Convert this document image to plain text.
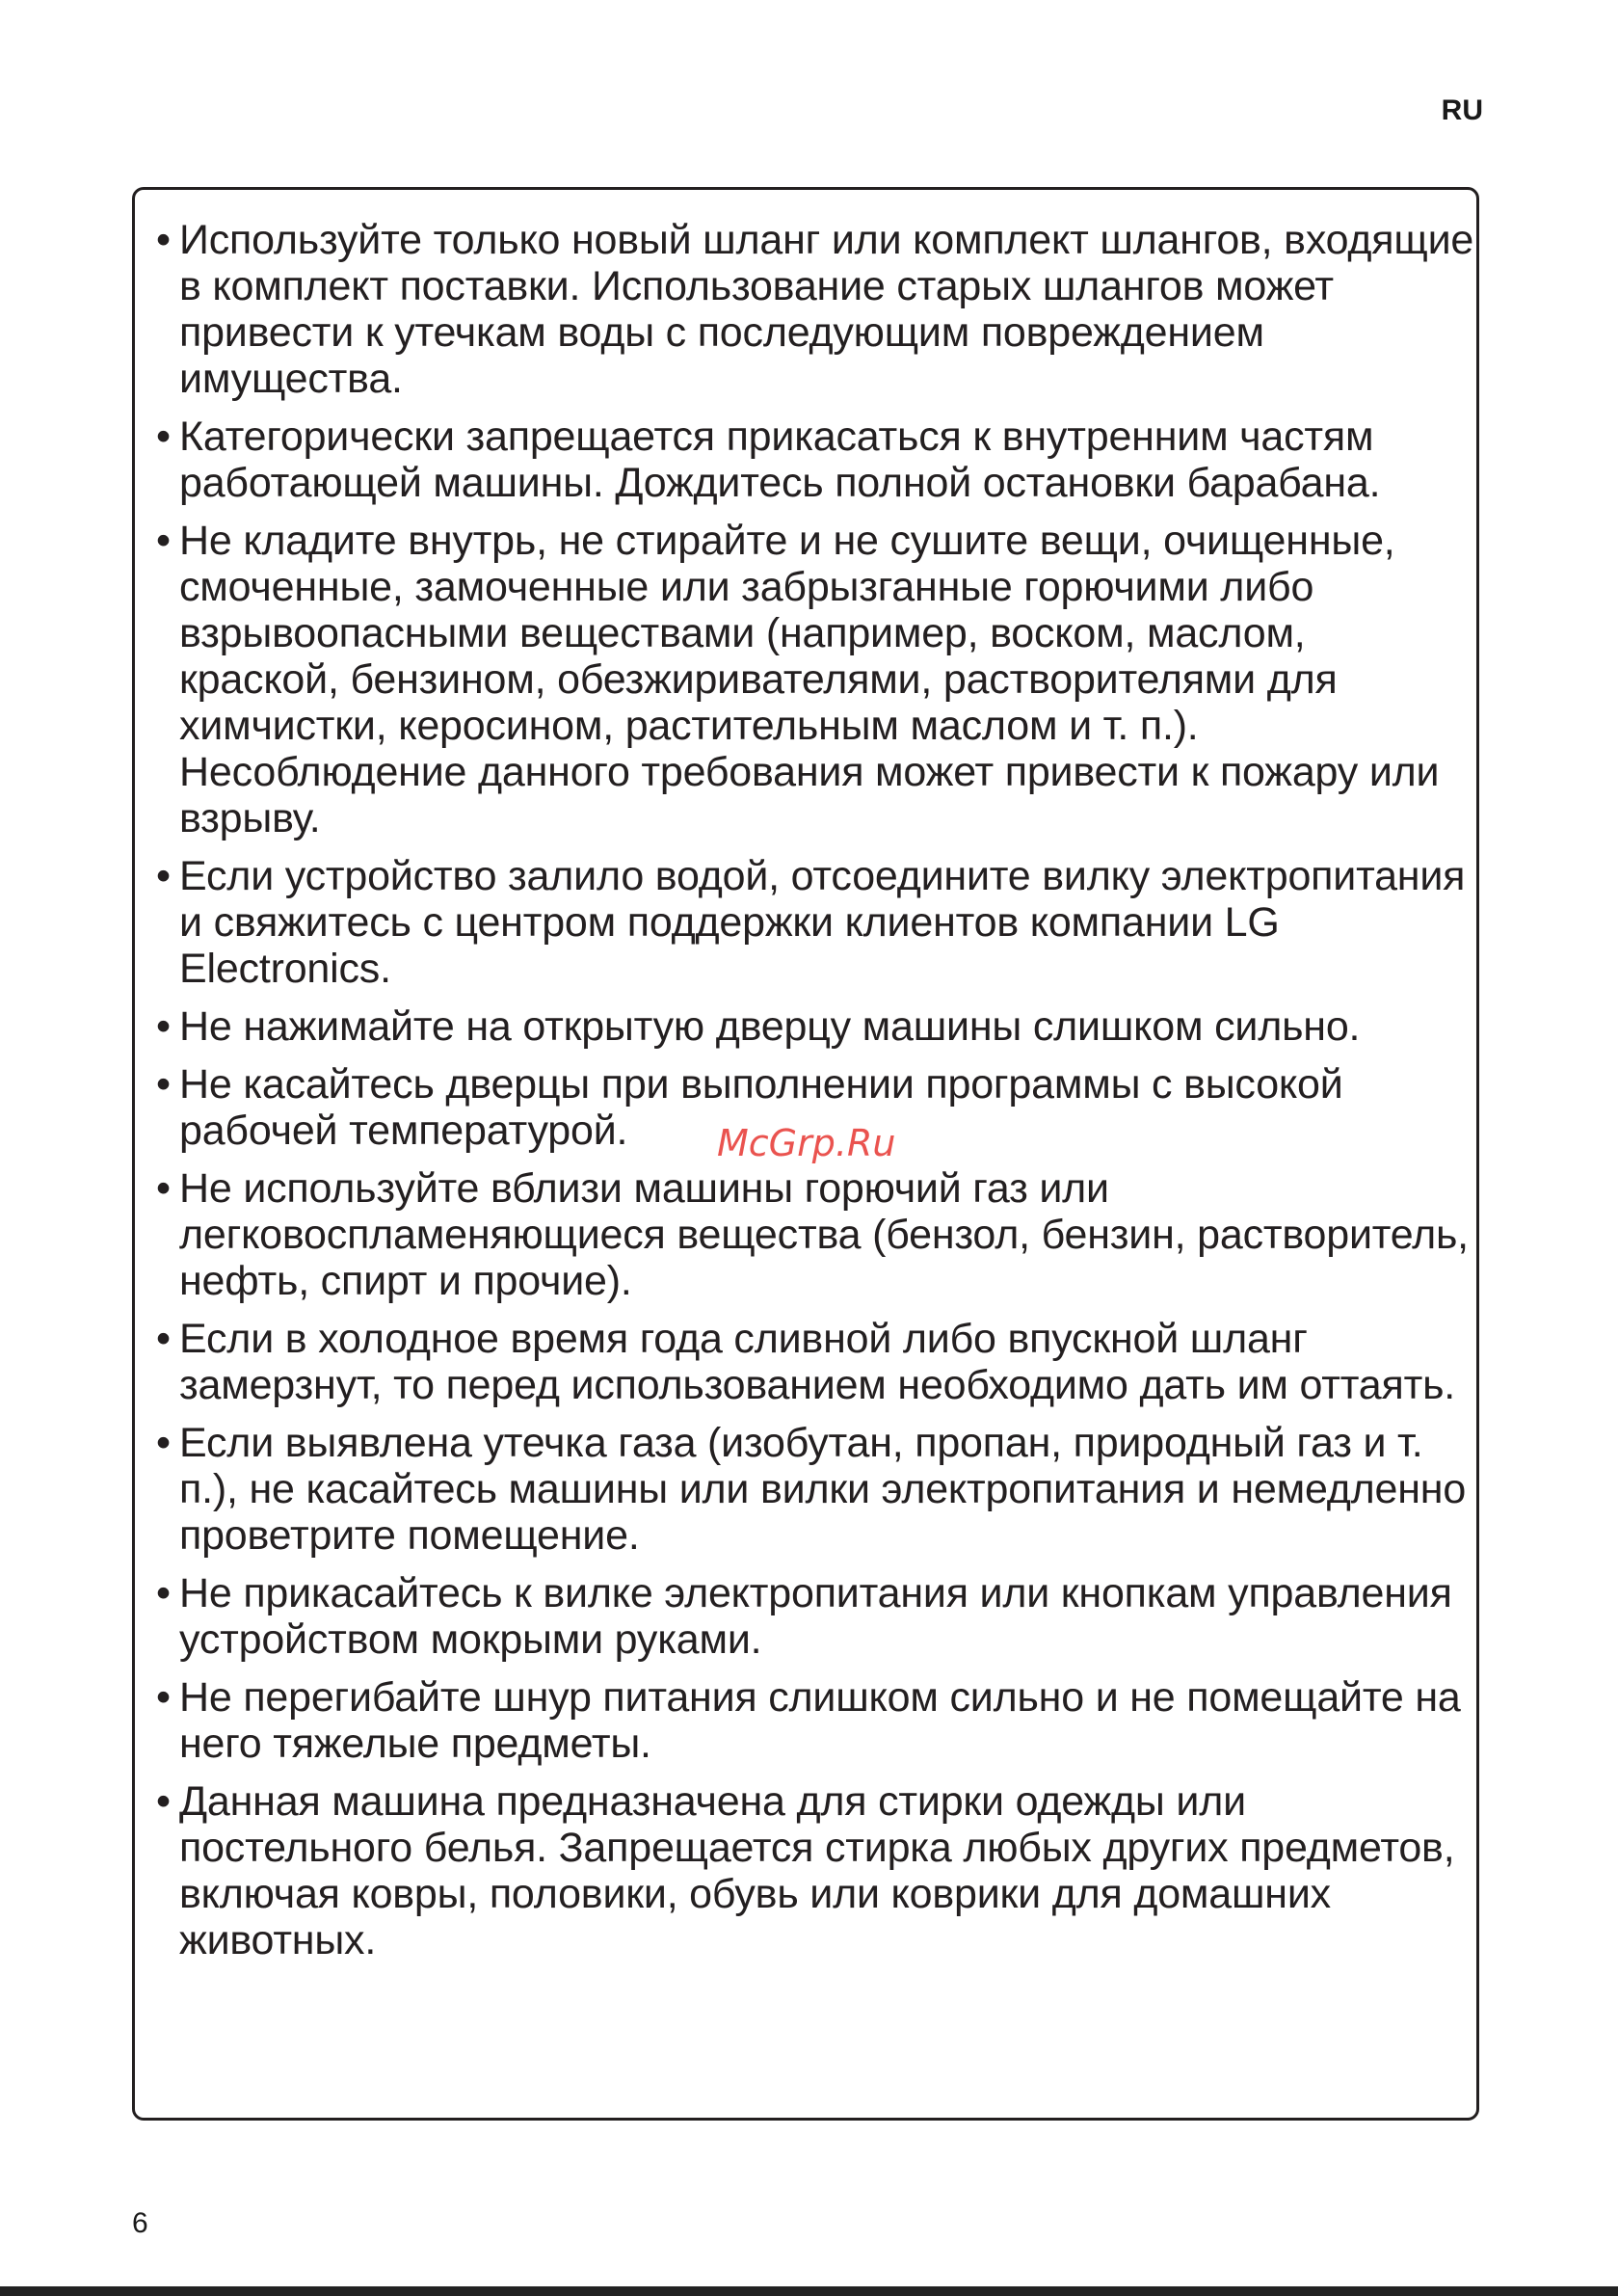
RU
• Используйте только новый шланг или комплект шлангов, входящие в комплект поставки. Использование старых шлангов может привести к утечкам воды с последующим повреждением имущества.
• Категорически запрещается прикасаться к внутренним частям работающей машины. Дождитесь полной остановки барабана.
• Не кладите внутрь, не стирайте и не сушите вещи, очищенные, смоченные, замоченные или забрызганные горючими либо взрывоопасными веществами (например, воском, маслом, краской, бензином, обезжиривателями, растворителями для химчистки, керосином, растительным маслом и т. п.). Несоблюдение данного требования может привести к пожару или взрыву.
• Если устройство залило водой, отсоедините вилку электропитания и свяжитесь с центром поддержки клиентов компании LG Electronics.
• Не нажимайте на открытую дверцу машины слишком сильно.
• Не касайтесь дверцы при выполнении программы с высокой рабочей температурой.
• Не используйте вблизи машины горючий газ или легковоспламеняющиеся вещества (бензол, бензин, растворитель, нефть, спирт и прочие).
• Если в холодное время года сливной либо впускной шланг замерзнут, то перед использованием необходимо дать им оттаять.
• Если выявлена утечка газа (изобутан, пропан, природный газ и т. п.), не касайтесь машины или вилки электропитания и немедленно проветрите помещение.
• Не прикасайтесь к вилке электропитания или кнопкам управления устройством мокрыми руками.
• Не перегибайте шнур питания слишком сильно и не помещайте на него тяжелые предметы.
• Данная машина предназначена для стирки одежды или постельного белья. Запрещается стирка любых других предметов, включая ковры, половики, обувь или коврики для домашних животных.
McGrp.Ru
6
